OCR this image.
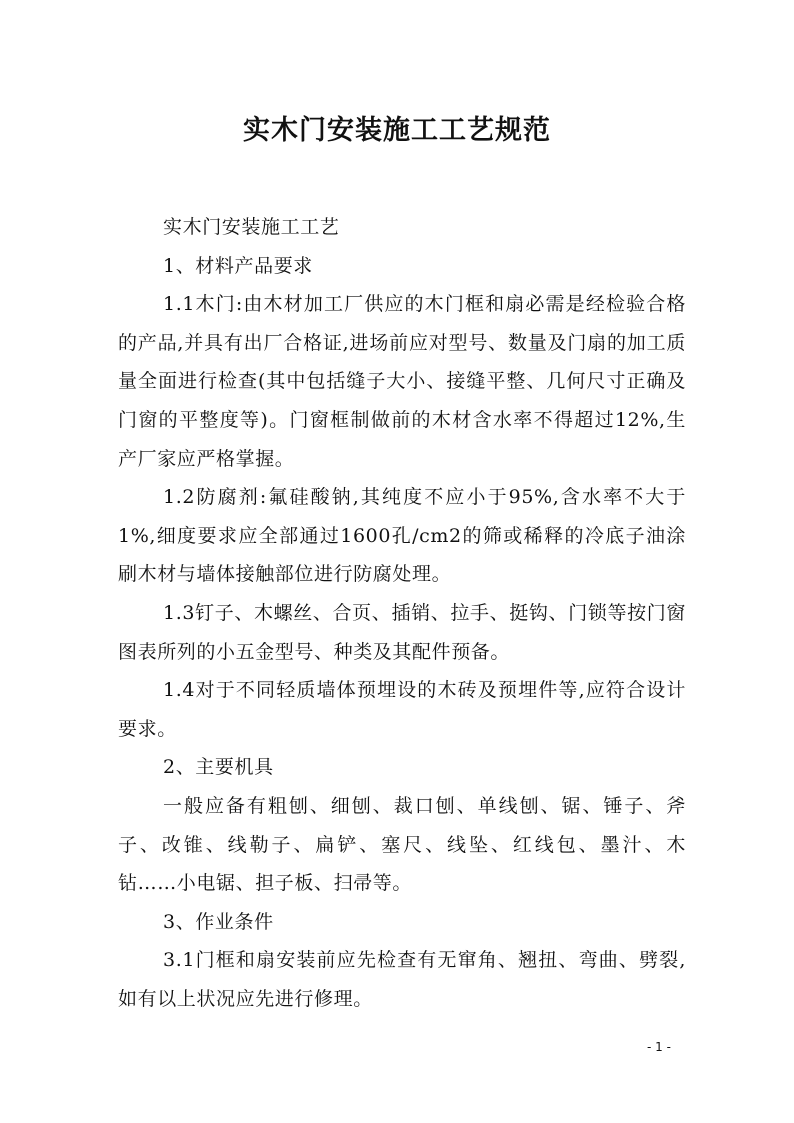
实木门安装施工工艺规范

实木门安装施工工艺

1、材料产品要求

1.1木门:由木材加工厂供应的木门框和扇必需是经检验合格的产品,并具有出厂合格证,进场前应对型号、数量及门扇的加工质量全面进行检查(其中包括缝子大小、接缝平整、几何尺寸正确及门窗的平整度等)。门窗框制做前的木材含水率不得超过12%,生产厂家应严格掌握。

1.2防腐剂:氟硅酸钠,其纯度不应小于95%,含水率不大于1%,细度要求应全部通过1600孔/cm2的筛或稀释的冷底子油涂刷木材与墙体接触部位进行防腐处理。

1.3钉子、木螺丝、合页、插销、拉手、挺钩、门锁等按门窗图表所列的小五金型号、种类及其配件预备。

1.4对于不同轻质墙体预埋设的木砖及预埋件等,应符合设计要求。

2、主要机具

一般应备有粗刨、细刨、裁口刨、单线刨、锯、锤子、斧子、改锥、线勒子、扁铲、塞尺、线坠、红线包、墨汁、木钻……小电锯、担子板、扫帚等。

3、作业条件

3.1门框和扇安装前应先检查有无窜角、翘扭、弯曲、劈裂,如有以上状况应先进行修理。

- 1 -
